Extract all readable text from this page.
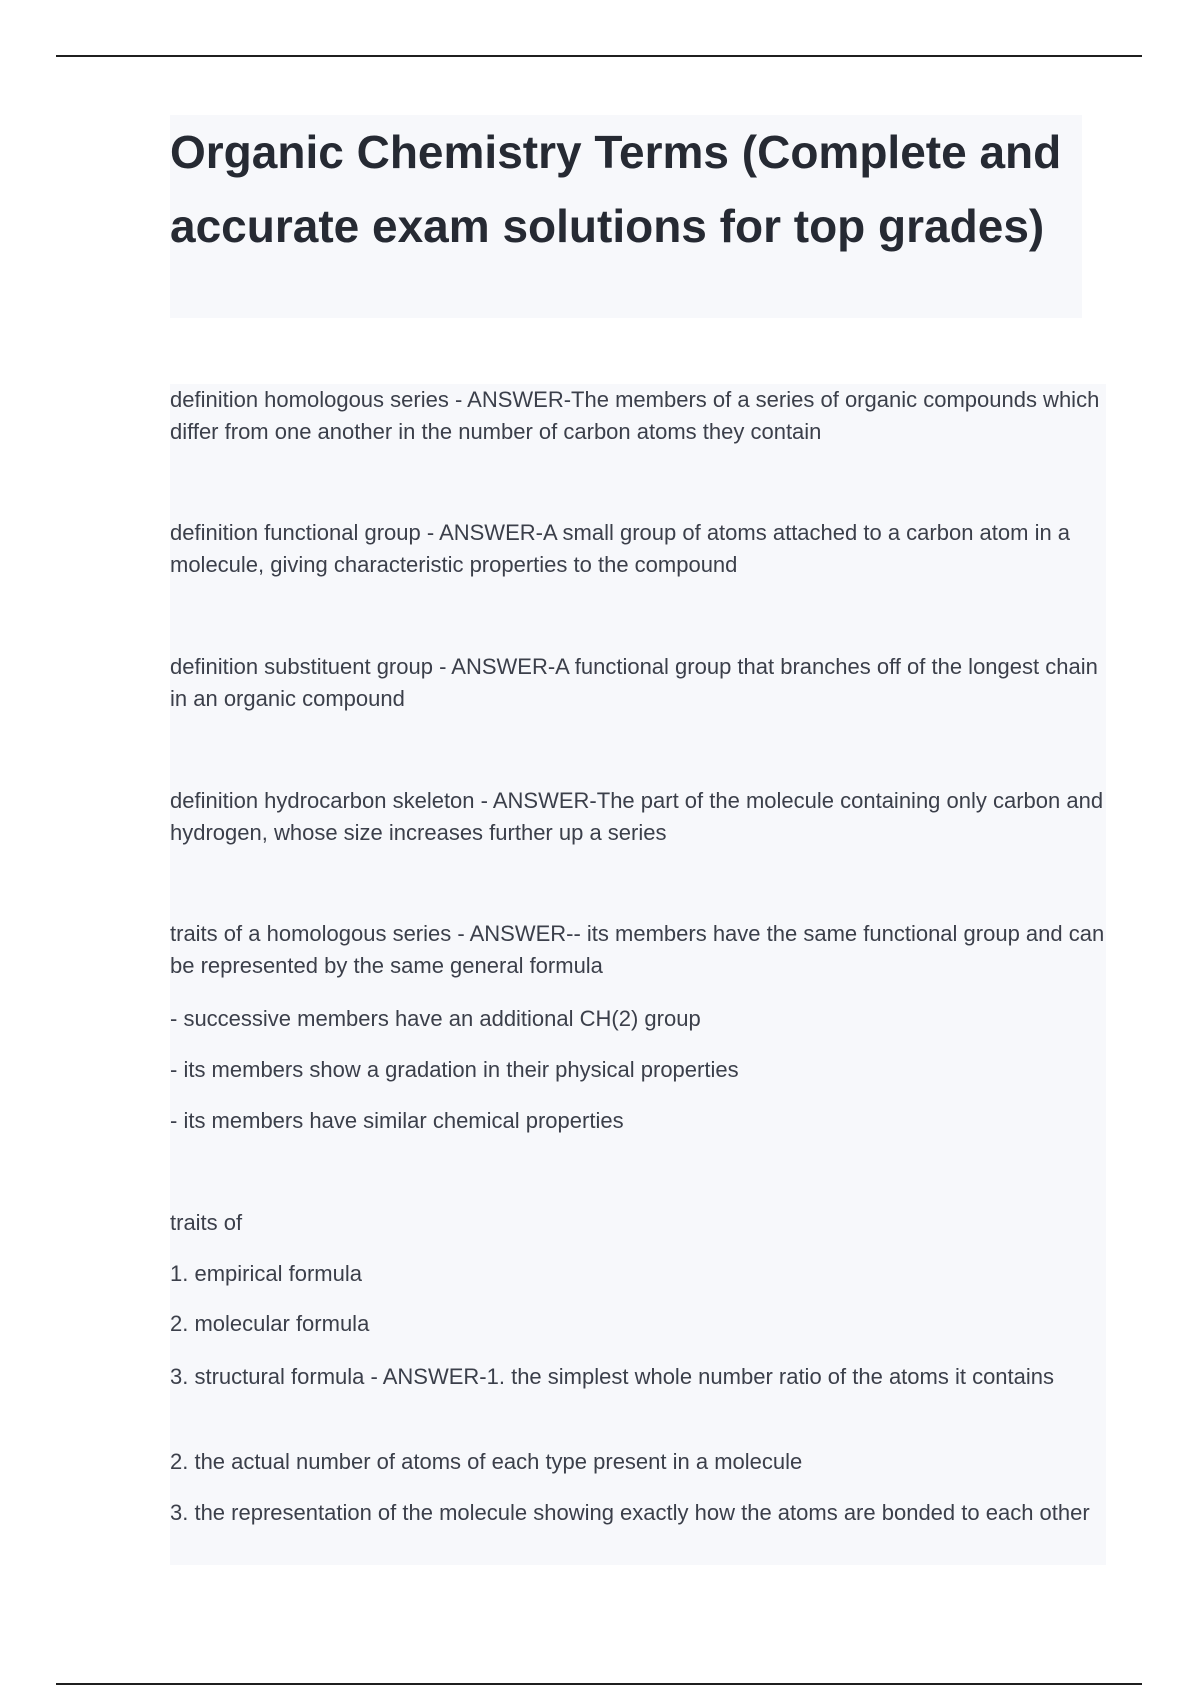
Organic Chemistry Terms (Complete and accurate exam solutions for top grades)

definition homologous series - ANSWER-The members of a series of organic compounds which differ from one another in the number of carbon atoms they contain

definition functional group - ANSWER-A small group of atoms attached to a carbon atom in a molecule, giving characteristic properties to the compound

definition substituent group - ANSWER-A functional group that branches off of the longest chain in an organic compound

definition hydrocarbon skeleton - ANSWER-The part of the molecule containing only carbon and hydrogen, whose size increases further up a series

traits of a homologous series - ANSWER-- its members have the same functional group and can be represented by the same general formula

- successive members have an additional CH(2) group

- its members show a gradation in their physical properties

- its members have similar chemical properties

traits of

1. empirical formula

2. molecular formula

3. structural formula - ANSWER-1. the simplest whole number ratio of the atoms it contains

2. the actual number of atoms of each type present in a molecule

3. the representation of the molecule showing exactly how the atoms are bonded to each other
